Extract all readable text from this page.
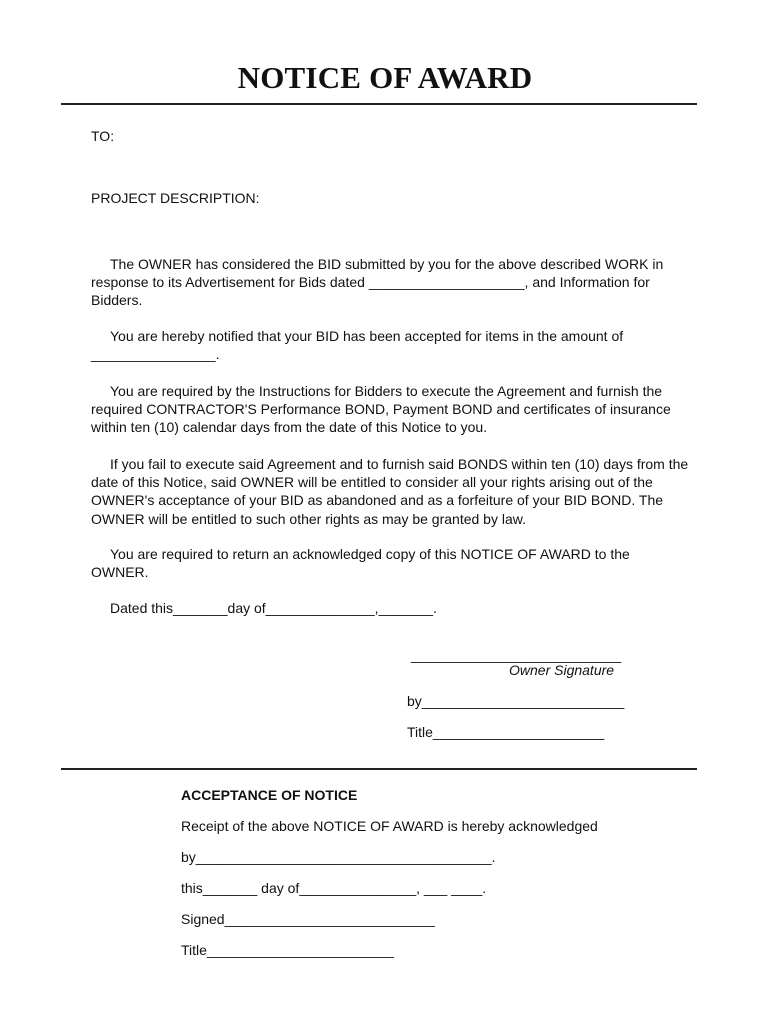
NOTICE OF AWARD

TO:

PROJECT DESCRIPTION:

The OWNER has considered the BID submitted by you for the above described WORK in response to its Advertisement for Bids dated ____________________, and Information for Bidders.

You are hereby notified that your BID has been accepted for items in the amount of ________________.

You are required by the Instructions for Bidders to execute the Agreement and furnish the required CONTRACTOR'S Performance BOND, Payment BOND and certificates of insurance within ten (10) calendar days from the date of this Notice to you.

If you fail to execute said Agreement and to furnish said BONDS within ten (10) days from the date of this Notice, said OWNER will be entitled to consider all your rights arising out of the OWNER's acceptance of your BID as abandoned and as a forfeiture of your BID BOND. The OWNER will be entitled to such other rights as may be granted by law.

You are required to return an acknowledged copy of this NOTICE OF AWARD to the OWNER.

Dated this_______day of______________,_______.

___________________________

Owner Signature

by__________________________

Title______________________

ACCEPTANCE OF NOTICE

Receipt of the above NOTICE OF AWARD is hereby acknowledged

by______________________________________.

this_______ day of_______________, ___ ____.

Signed___________________________

Title________________________
